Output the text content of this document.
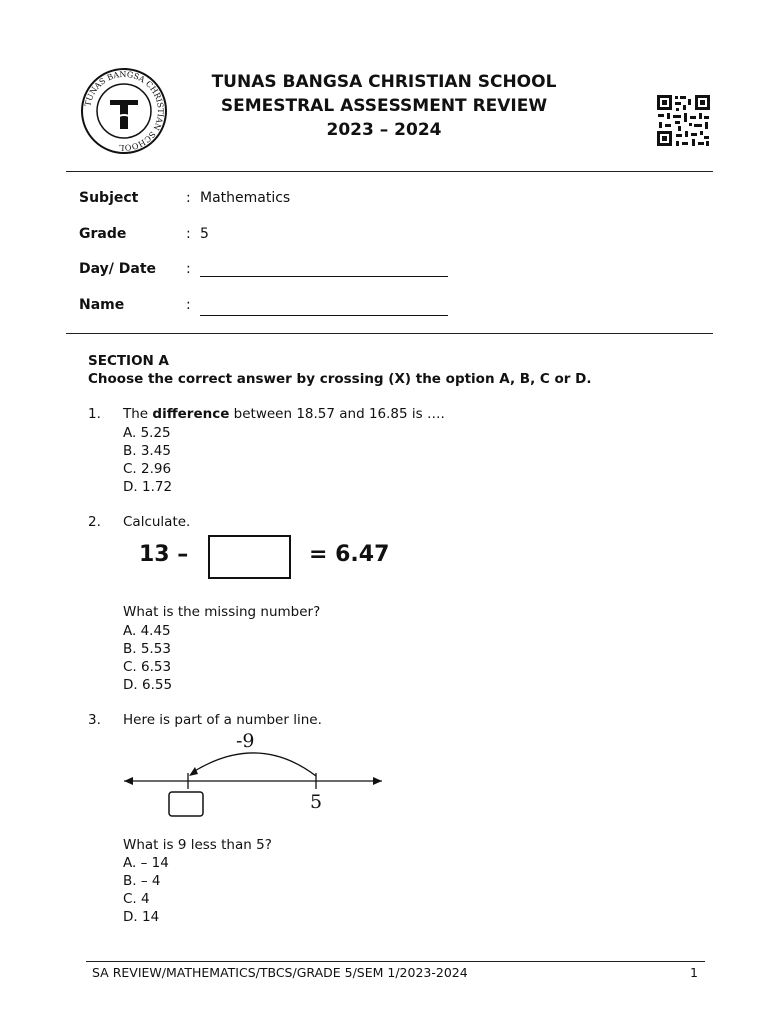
TUNAS BANGSA CHRISTIAN SCHOOL
TUNAS BANGSA CHRISTIAN SCHOOL
SEMESTRAL ASSESSMENT REVIEW
2023 – 2024
Subject	: Mathematics
Grade	: 5
Day/ Date :
Name	:
SECTION A
Choose the correct answer by crossing (X) the option A, B, C or D.
1. The difference between 18.57 and 16.85 is ….
A. 5.25
B. 3.45
C. 2.96
D. 1.72
2. Calculate.
13 –	= 6.47
What is the missing number?
A. 4.45
B. 5.53
C. 6.53
D. 6.55
3. Here is part of a number line.
-9
5
What is 9 less than 5?
A. – 14
B. – 4
C. 4
D. 14
SA REVIEW/MATHEMATICS/TBCS/GRADE 5/SEM 1/2023-2024	1
